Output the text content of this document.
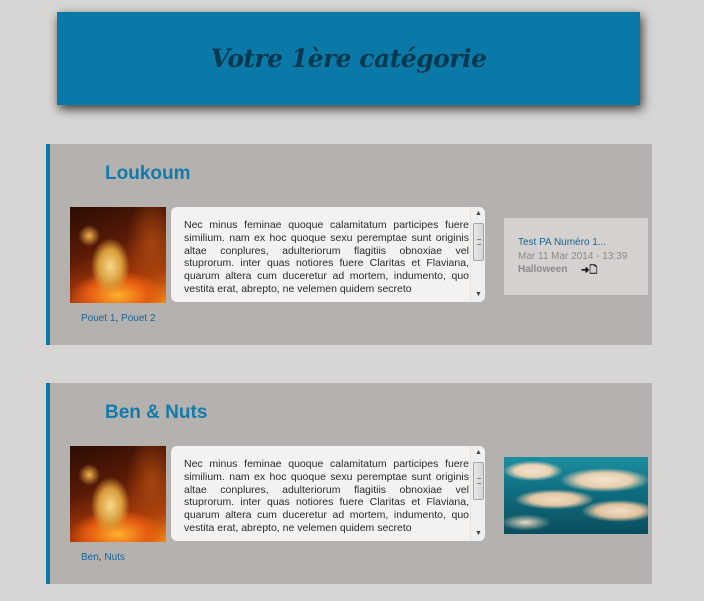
Votre 1ère catégorie
Loukoum

Nec minus feminae quoque calamitatum participes fuere similium. nam ex hoc quoque sexu peremptae sunt originis altae conplures, adulteriorum flagitiis obnoxiae vel stuprorum. inter quas notiores fuere Claritas et Flaviana, quarum altera cum duceretur ad mortem, indumento, quo vestita erat, abrepto, ne velemen quidem secreto

▲
▼
Test PA Numéro 1...
Mar 11 Mar 2014 - 13:39
Halloween ➜🗋
Pouet 1, Pouet 2
Ben & Nuts

Nec minus feminae quoque calamitatum participes fuere similium. nam ex hoc quoque sexu peremptae sunt originis altae conplures, adulteriorum flagitiis obnoxiae vel stuprorum. inter quas notiores fuere Claritas et Flaviana, quarum altera cum duceretur ad mortem, indumento, quo vestita erat, abrepto, ne velemen quidem secreto

▲
▼
Ben, Nuts
